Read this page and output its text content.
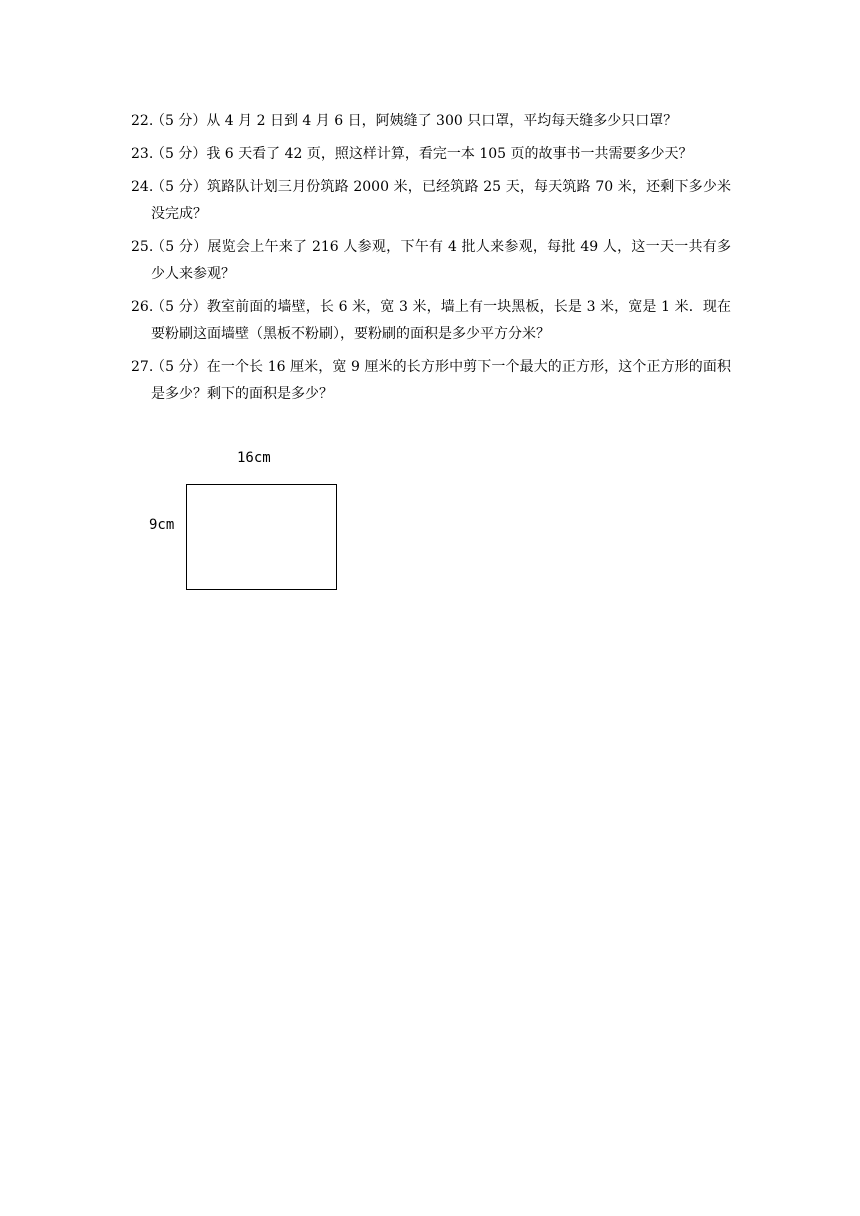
22.
（5 分）从 4 月 2 日到 4 月 6 日，阿姨缝了 300 只口罩，平均每天缝多少只口罩？
23.
（5 分）我 6 天看了 42 页，照这样计算，看完一本 105 页的故事书一共需要多少天？
24.
（5 分）筑路队计划三月份筑路 2000 米，已经筑路 25 天，每天筑路 70 米，还剩下多少米没完成？
25.
（5 分）展览会上午来了 216 人参观，下午有 4 批人来参观，每批 49 人，这一天一共有多少人来参观？
26.
（5 分）教室前面的墙壁，长 6 米，宽 3 米，墙上有一块黑板，长是 3 米，宽是 1 米．现在要粉刷这面墙壁（黑板不粉刷），要粉刷的面积是多少平方分米？
27.
（5 分）在一个长 16 厘米，宽 9 厘米的长方形中剪下一个最大的正方形，这个正方形的面积是多少？剩下的面积是多少？
16cm
9cm
